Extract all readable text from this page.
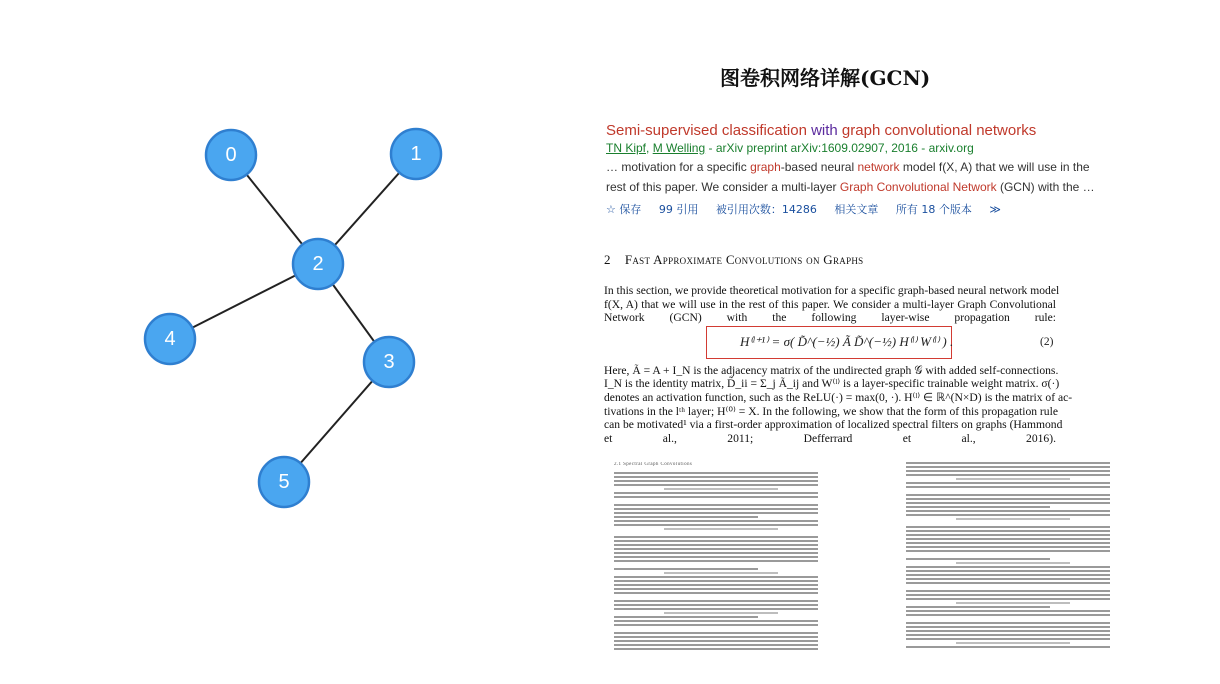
0	1
2
3
4
5
图卷积网络详解(GCN)
Semi-supervised classification with graph convolutional networks
TN Kipf, M Welling - arXiv preprint arXiv:1609.02907, 2016 - arxiv.org
… motivation for a specific graph-based neural network model f(X, A) that we will use in the
rest of this paper. We consider a multi-layer Graph Convolutional Network (GCN) with the …
☆ 保存 99 引用 被引用次数：14286 相关文章 所有 18 个版本 ≫
2 Fast Approximate Convolutions on Graphs
In this section, we provide theoretical motivation for a specific graph-based neural network model
f(X, A) that we will use in the rest of this paper. We consider a multi-layer Graph Convolutional
Network (GCN) with the following layer-wise propagation rule:
Here, Ã = A + I_N is the adjacency matrix of the undirected graph 𝒢 with added self-connections.
I_N is the identity matrix, D̃_ii = Σ_j Ã_ij and W⁽ˡ⁾ is a layer-specific trainable weight matrix. σ(·)
denotes an activation function, such as the ReLU(·) = max(0, ·). H⁽ˡ⁾ ∈ ℝ^(N×D) is the matrix of ac-
tivations in the lᵗʰ layer; H⁽⁰⁾ = X. In the following, we show that the form of this propagation rule
can be motivated¹ via a first-order approximation of localized spectral filters on graphs (Hammond
et al., 2011; Defferrard et al., 2016).
H⁽ˡ⁺¹⁾ = σ( D̃^(−½) Ã D̃^(−½) H⁽ˡ⁾ W⁽ˡ⁾ ) .	(2)
2.1 Spectral Graph Convolutions
